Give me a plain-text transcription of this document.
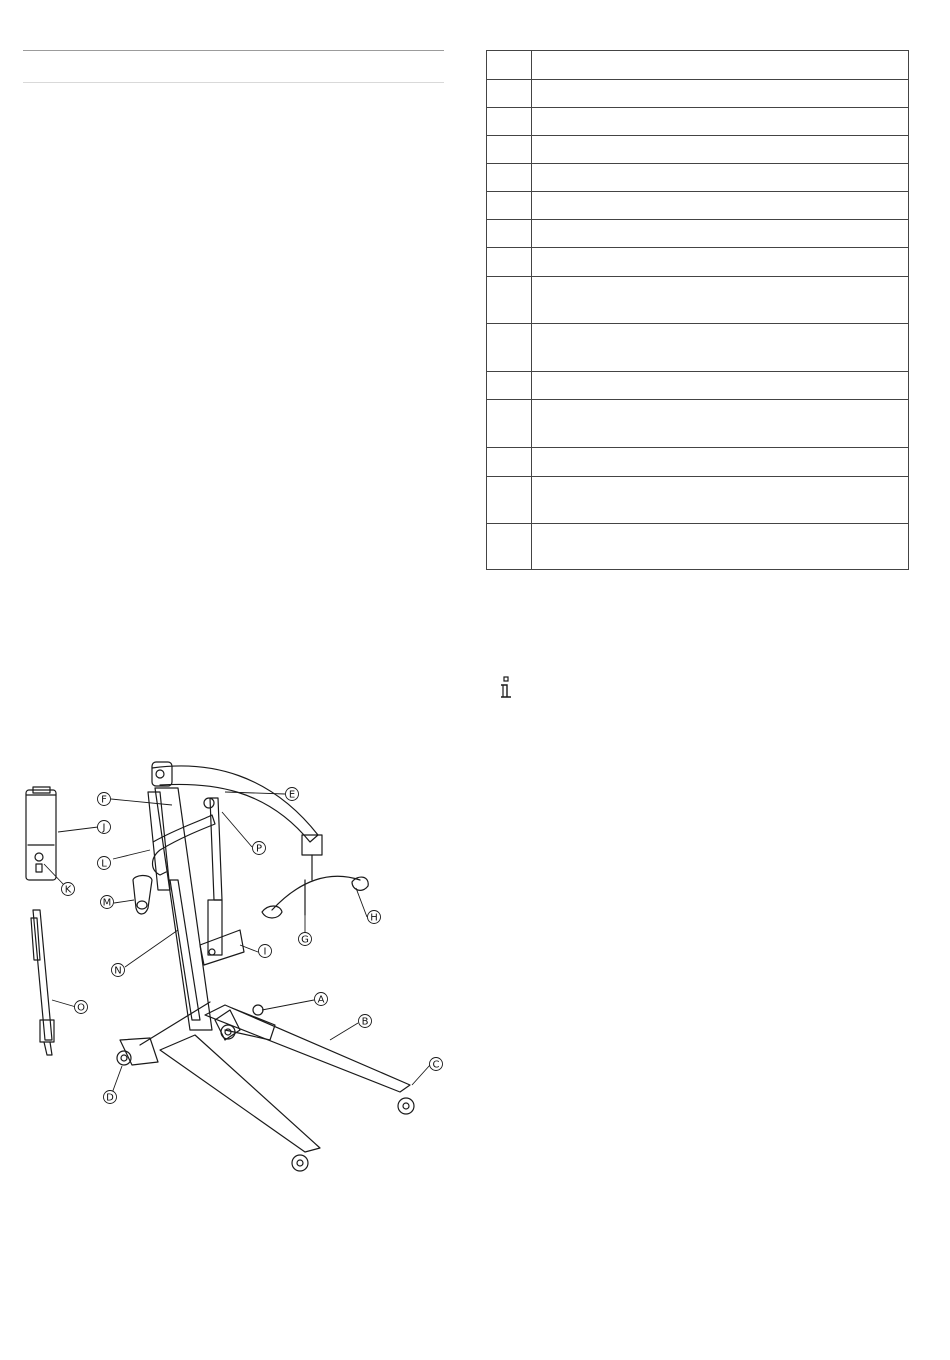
F
J
L
M
N
O
K
E
P
H
G
I
A
B
C
D
